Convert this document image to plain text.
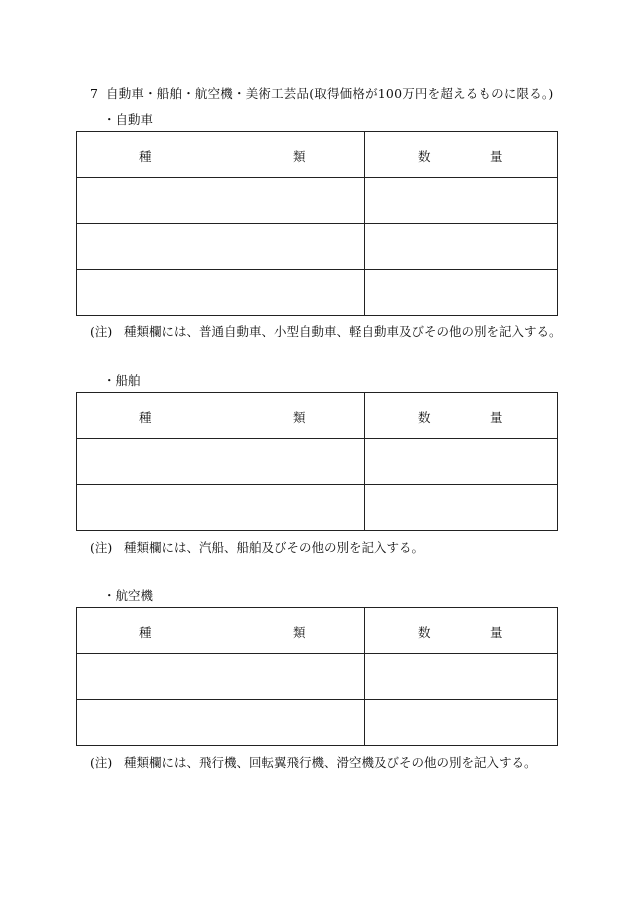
7 自動車・船舶・航空機・美術工芸品(取得価格が100万円を超えるものに限る。)
・自動車
種 類	数 量

(注) 種類欄には、普通自動車、小型自動車、軽自動車及びその他の別を記入する。
・船舶
種 類	数 量

(注) 種類欄には、汽船、船舶及びその他の別を記入する。
・航空機
種 類	数 量

(注) 種類欄には、飛行機、回転翼飛行機、滑空機及びその他の別を記入する。
